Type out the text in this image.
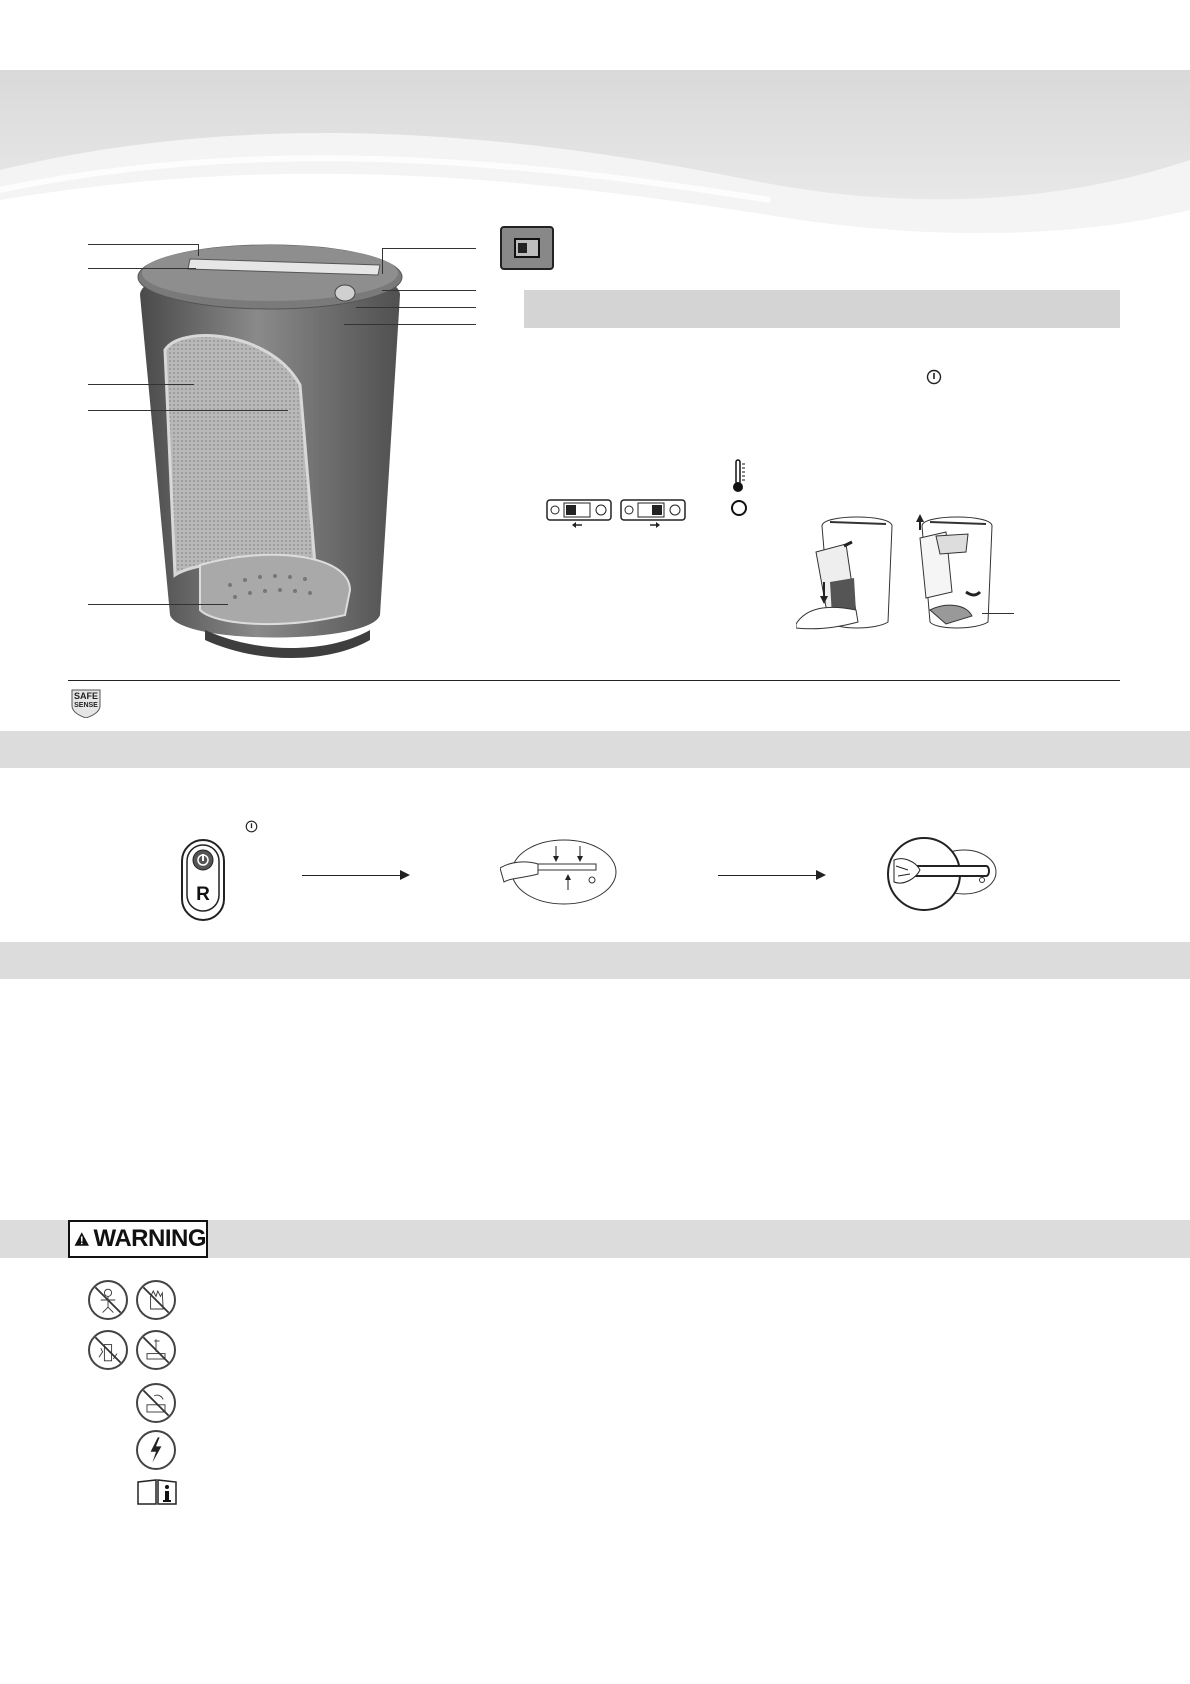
SAFE
SENSE
R
WARNING
